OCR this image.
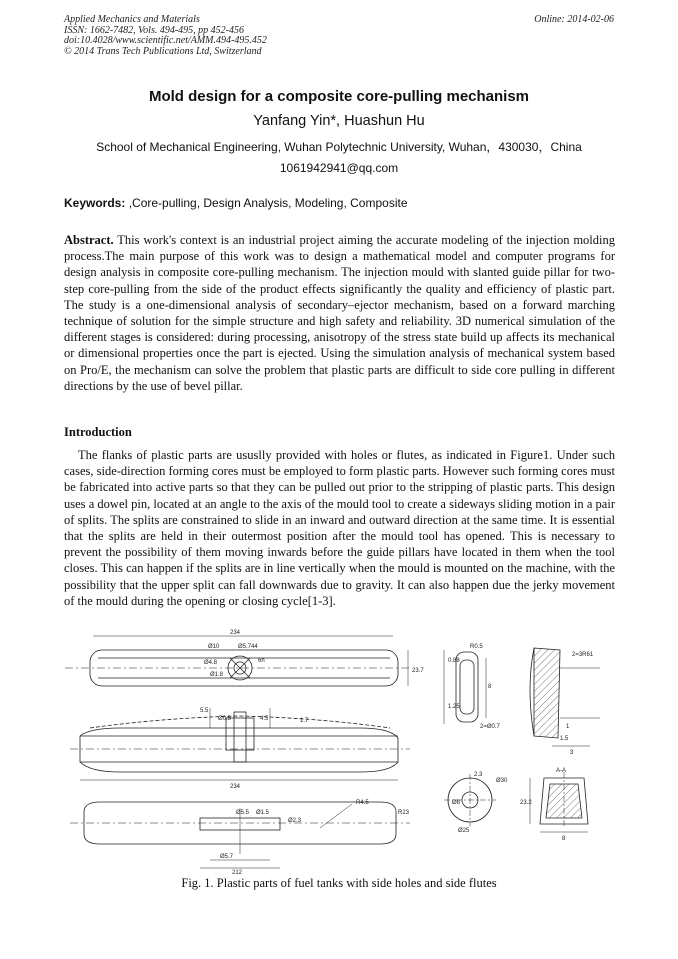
Applied Mechanics and Materials
ISSN: 1662-7482, Vols. 494-495, pp 452-456
doi:10.4028/www.scientific.net/AMM.494-495.452
© 2014 Trans Tech Publications Ltd, Switzerland
Online: 2014-02-06
Mold design for a composite core-pulling mechanism
Yanfang Yin*, Huashun Hu
School of Mechanical Engineering, Wuhan Polytechnic University, Wuhan，430030，China
1061942941@qq.com
Keywords: ,Core-pulling, Design Analysis, Modeling, Composite

Abstract. This work's context is an industrial project aiming the accurate modeling of the injection molding process.The main purpose of this work was to design a mathematical model and computer programs for design analysis in composite core-pulling mechanism. The injection mould with slanted guide pillar for two-step core-pulling from the side of the product effects significantly the quality and efficiency of plastic part. The study is a one-dimensional analysis of secondary–ejector mechanism, based on a forward marching technique of solution for the simple structure and high safety and reliability. 3D numerical simulation of the different stages is considered: during processing, anisotropy of the stress state build up affects its mechanical or dimensional properties once the part is ejected. Using the simulation analysis of mechanical system based on Pro/E, the mechanism can solve the problem that plastic parts are difficult to side core pulling in different directions by the use of bevel pillar.

Introduction

The flanks of plastic parts are ususlly provided with holes or flutes, as indicated in Figure1. Under such cases, side-direction forming cores must be employed to form plastic parts. However such forming cores must be fabricated into active parts so that they can be pulled out prior to the stripping of plastic parts. This design uses a dowel pin, located at an angle to the axis of the mould tool to create a sideways sliding motion in a pair of splits. The splits are constrained to slide in an inward and outward direction at the same time. It is essential that the splits are held in their outermost position after the mould tool has opened. This is necessary to prevent the possibility of them moving inwards before the guide pillars have located in them when the tool closes. This can happen if the splits are in line vertically when the mould is mounted on the machine, with the possibility that the upper split can fall downwards due to gravity. It can also happen due the jerky movement of the mould during the opening or closing cycle[1-3].

234
23.7
Ø10	Ø5.744
Ø4.8
Ø1.8
6h
Ø0.5	4.5	1.7
5.5
234
R4.5
R23
Ø5.5 Ø1.5
Ø2.3
212
Ø5.7
R0.5
0.88
1.25
8
2=Ø0.7
2=3R61
1
1.5
3
Ø30
2.3
Ø25
Ø8
A-A
23.2
8
Fig. 1. Plastic parts of fuel tanks with side holes and side flutes
